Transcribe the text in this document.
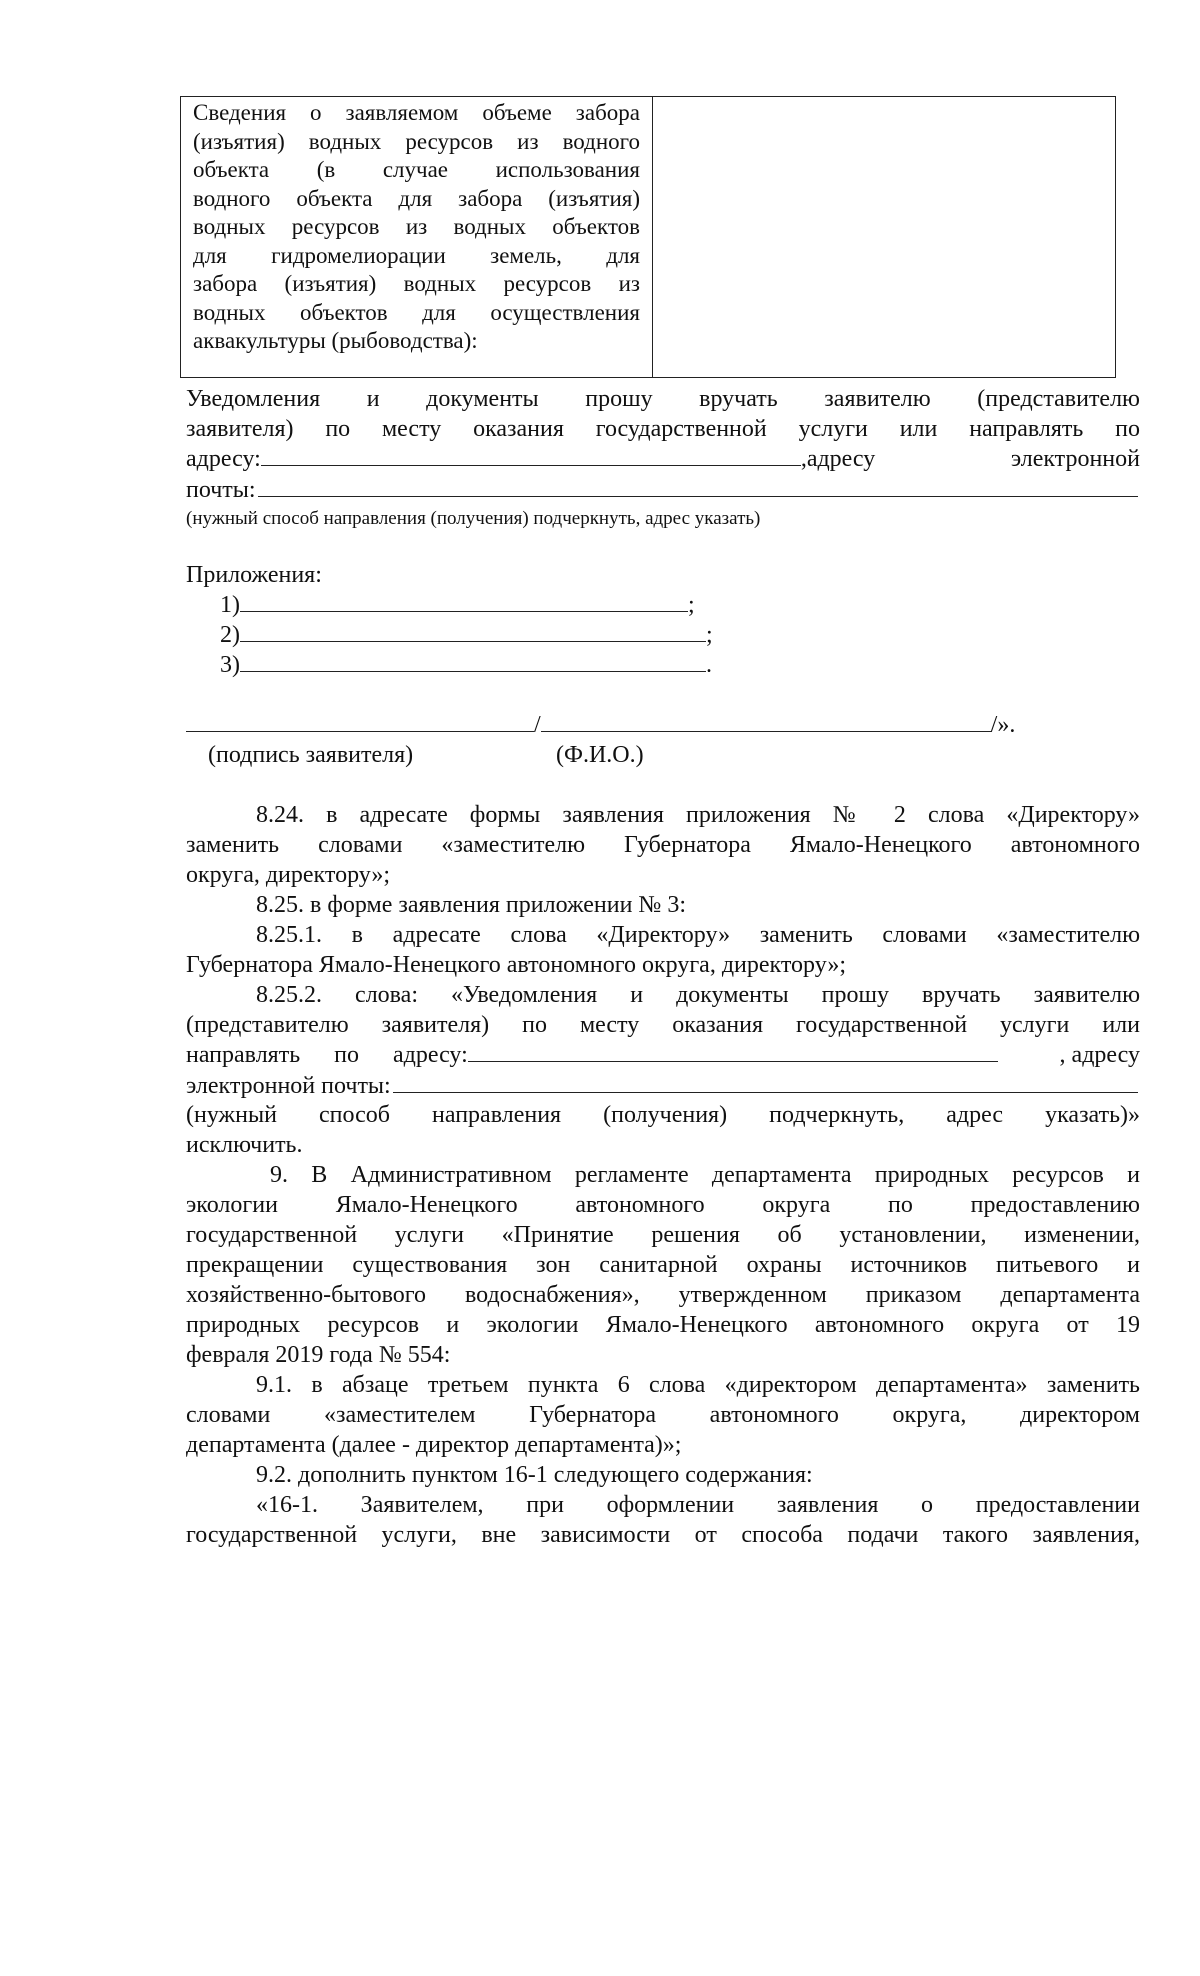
Сведения о заявляемом объеме забора
(изъятия) водных ресурсов из водного
объекта (в случае использования
водного объекта для забора (изъятия)
водных ресурсов из водных объектов
для гидромелиорации земель, для
забора (изъятия) водных ресурсов из
водных объектов для осуществления
аквакультуры (рыбоводства):
Уведомления и документы прошу вручать заявителю (представителю
заявителя) по месту оказания государственной услуги или направлять по
адресу:	,адресу	электронной
почты:
(нужный способ направления (получения) подчеркнуть, адрес указать)
Приложения:
1)	;
2)	;
3)	.
/	/».
(подпись заявителя)	(Ф.И.О.)
8.24. в адресате формы заявления приложения № 2 слова «Директору»
заменить словами «заместителю Губернатора Ямало-Ненецкого автономного
округа, директору»;
8.25. в форме заявления приложении № 3:
8.25.1. в адресате слова «Директору» заменить словами «заместителю
Губернатора Ямало-Ненецкого автономного округа, директору»;
8.25.2. слова: «Уведомления и документы прошу вручать заявителю
(представителю заявителя) по месту оказания государственной услуги или
направлять по адресу:	, адресу
электронной почты:
(нужный способ направления (получения) подчеркнуть, адрес указать)»
исключить.
9. В Административном регламенте департамента природных ресурсов и
экологии Ямало-Ненецкого автономного округа по предоставлению
государственной услуги «Принятие решения об установлении, изменении,
прекращении существования зон санитарной охраны источников питьевого и
хозяйственно-бытового водоснабжения», утвержденном приказом департамента
природных ресурсов и экологии Ямало-Ненецкого автономного округа от 19
февраля 2019 года № 554:
9.1. в абзаце третьем пункта 6 слова «директором департамента» заменить
словами «заместителем Губернатора автономного округа, директором
департамента (далее - директор департамента)»;
9.2. дополнить пунктом 16-1 следующего содержания:
«16-1. Заявителем, при оформлении заявления о предоставлении
государственной услуги, вне зависимости от способа подачи такого заявления,
